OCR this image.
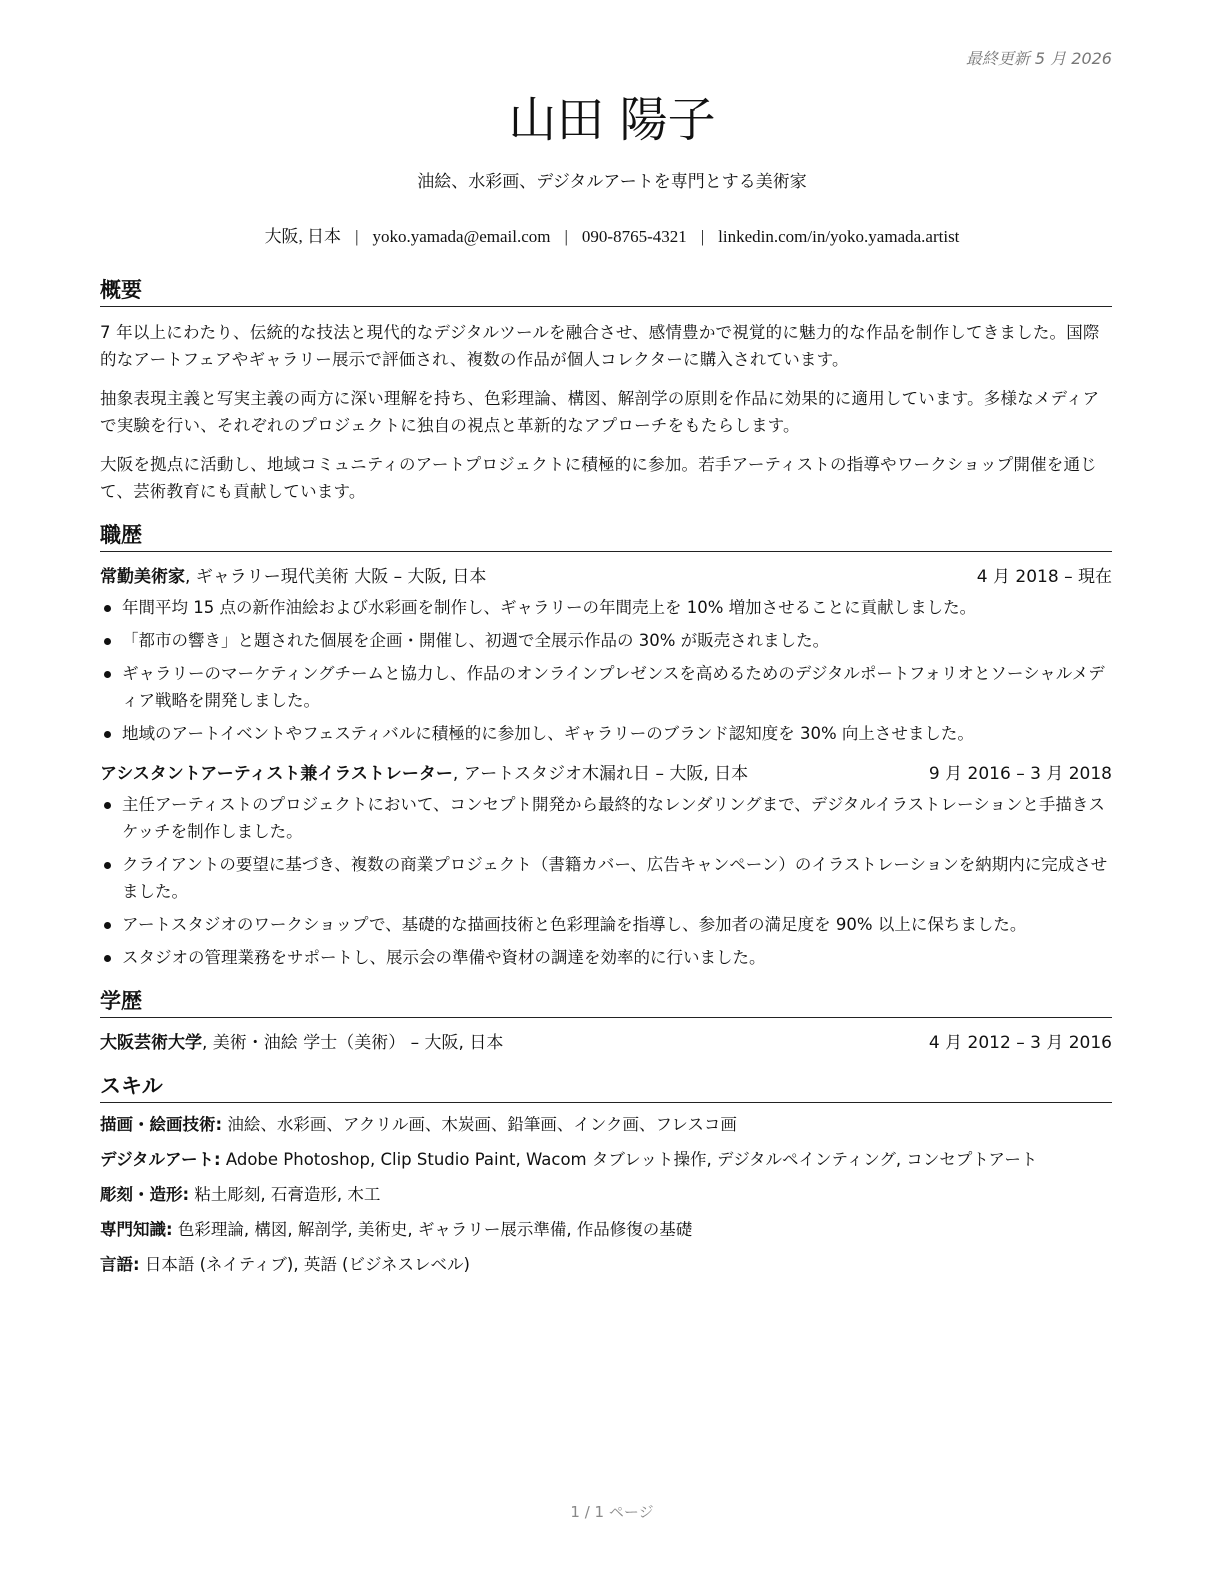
最終更新 5 月 2026
山田 陽子
油絵、水彩画、デジタルアートを専門とする美術家
大阪, 日本 | yoko.yamada@email.com | 090-8765-4321 | linkedin.com/in/yoko.yamada.artist
概要

7 年以上にわたり、伝統的な技法と現代的なデジタルツールを融合させ、感情豊かで視覚的に魅力的な作品を制作してきました。国際的なアートフェアやギャラリー展示で評価され、複数の作品が個人コレクターに購入されています。

抽象表現主義と写実主義の両方に深い理解を持ち、色彩理論、構図、解剖学の原則を作品に効果的に適用しています。多様なメディアで実験を行い、それぞれのプロジェクトに独自の視点と革新的なアプローチをもたらします。

大阪を拠点に活動し、地域コミュニティのアートプロジェクトに積極的に参加。若手アーティストの指導やワークショップ開催を通じて、芸術教育にも貢献しています。

職歴
常勤美術家, ギャラリー現代美術 大阪 – 大阪, 日本	4 月 2018 – 現在
年間平均 15 点の新作油絵および水彩画を制作し、ギャラリーの年間売上を 10% 増加させることに貢献しました。
「都市の響き」と題された個展を企画・開催し、初週で全展示作品の 30% が販売されました。
ギャラリーのマーケティングチームと協力し、作品のオンラインプレゼンスを高めるためのデジタルポートフォリオとソーシャルメディア戦略を開発しました。
地域のアートイベントやフェスティバルに積極的に参加し、ギャラリーのブランド認知度を 30% 向上させました。
アシスタントアーティスト兼イラストレーター, アートスタジオ木漏れ日 – 大阪, 日本	9 月 2016 – 3 月 2018
主任アーティストのプロジェクトにおいて、コンセプト開発から最終的なレンダリングまで、デジタルイラストレーションと手描きスケッチを制作しました。
クライアントの要望に基づき、複数の商業プロジェクト（書籍カバー、広告キャンペーン）のイラストレーションを納期内に完成させました。
アートスタジオのワークショップで、基礎的な描画技術と色彩理論を指導し、参加者の満足度を 90% 以上に保ちました。
スタジオの管理業務をサポートし、展示会の準備や資材の調達を効率的に行いました。
学歴
大阪芸術大学, 美術・油絵 学士（美術） – 大阪, 日本	4 月 2012 – 3 月 2016
スキル
描画・絵画技術: 油絵、水彩画、アクリル画、木炭画、鉛筆画、インク画、フレスコ画
デジタルアート: Adobe Photoshop, Clip Studio Paint, Wacom タブレット操作, デジタルペインティング, コンセプトアート
彫刻・造形: 粘土彫刻, 石膏造形, 木工
専門知識: 色彩理論, 構図, 解剖学, 美術史, ギャラリー展示準備, 作品修復の基礎
言語: 日本語 (ネイティブ), 英語 (ビジネスレベル)
1 / 1 ページ
